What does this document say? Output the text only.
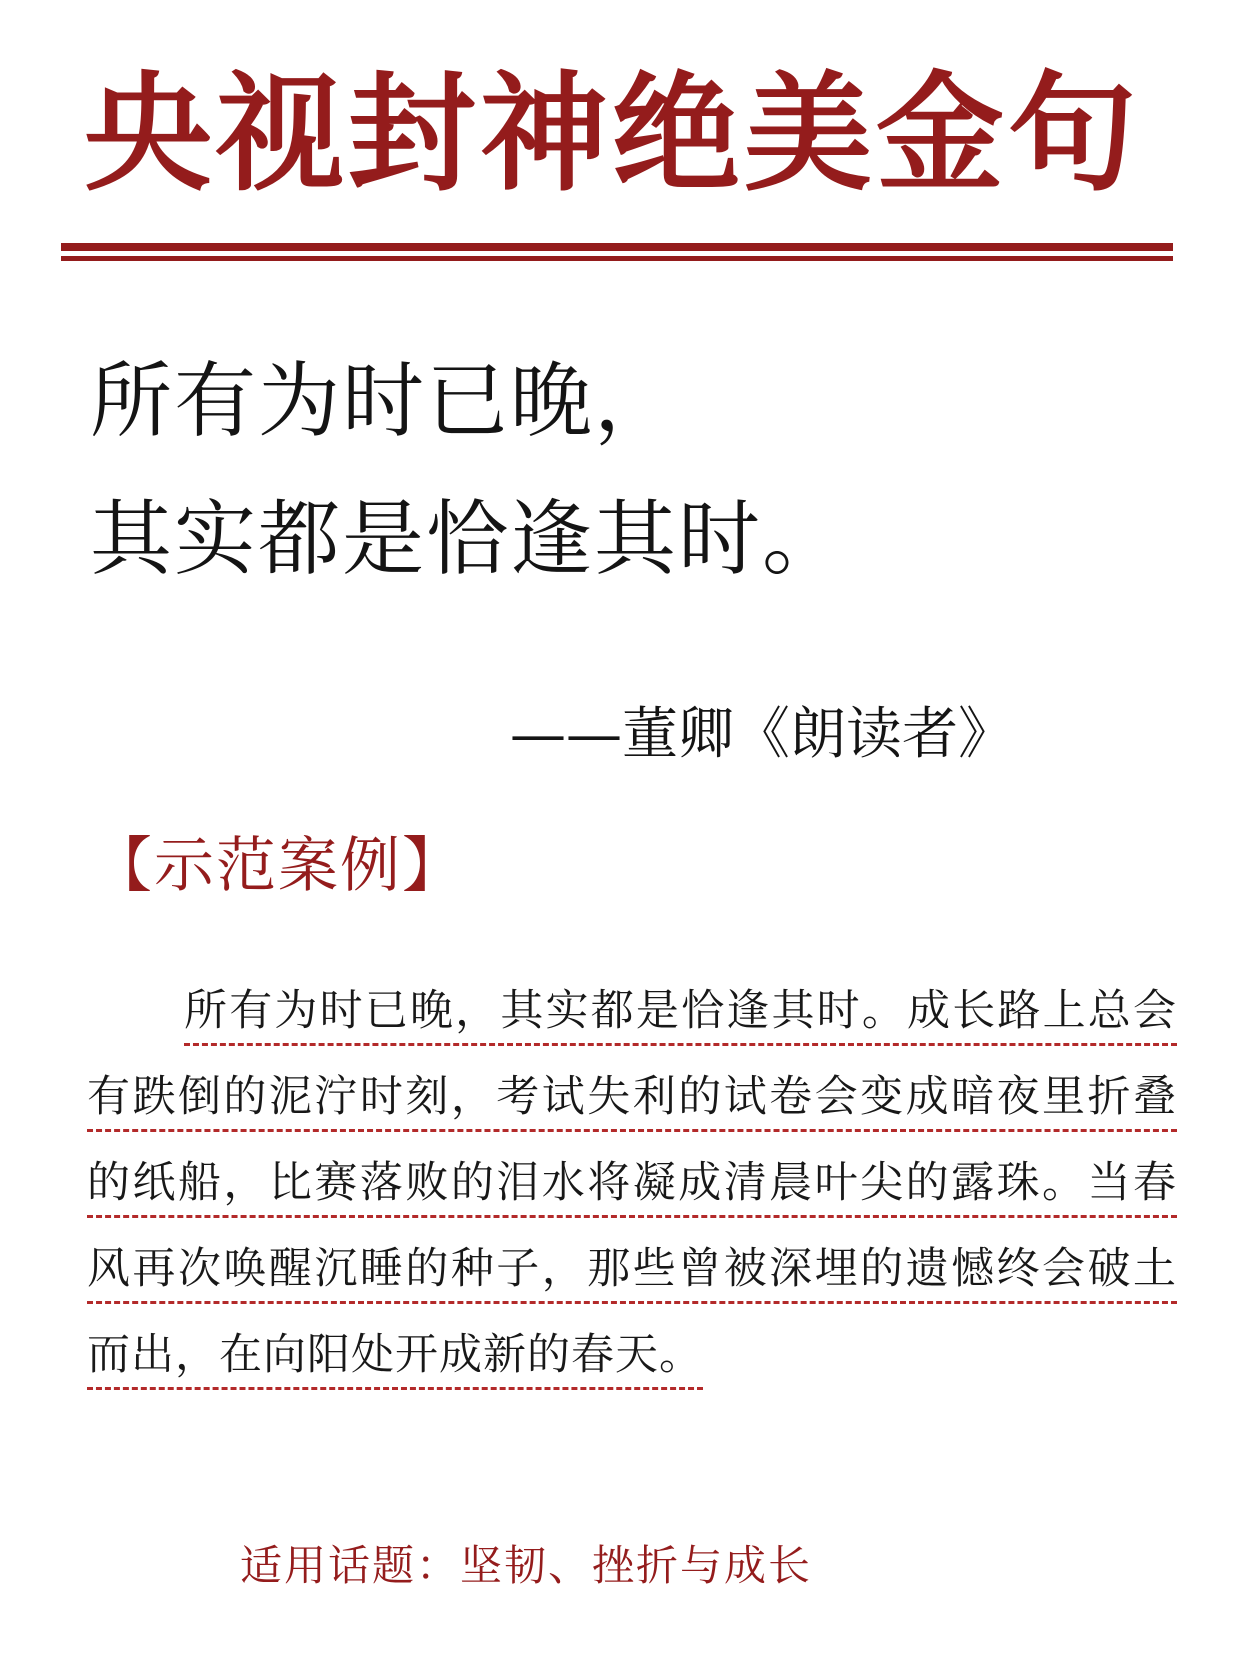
央视封神绝美金句
所有为时已晚，
其实都是恰逢其时。
——董卿《朗读者》
【示范案例】

所有为时已晚，其实都是恰逢其时。成长路上总会有跌倒的泥泞时刻，考试失利的试卷会变成暗夜里折叠的纸船，比赛落败的泪水将凝成清晨叶尖的露珠。当春风再次唤醒沉睡的种子，那些曾被深埋的遗憾终会破土而出，在向阳处开成新的春天。

适用话题：坚韧、挫折与成长
